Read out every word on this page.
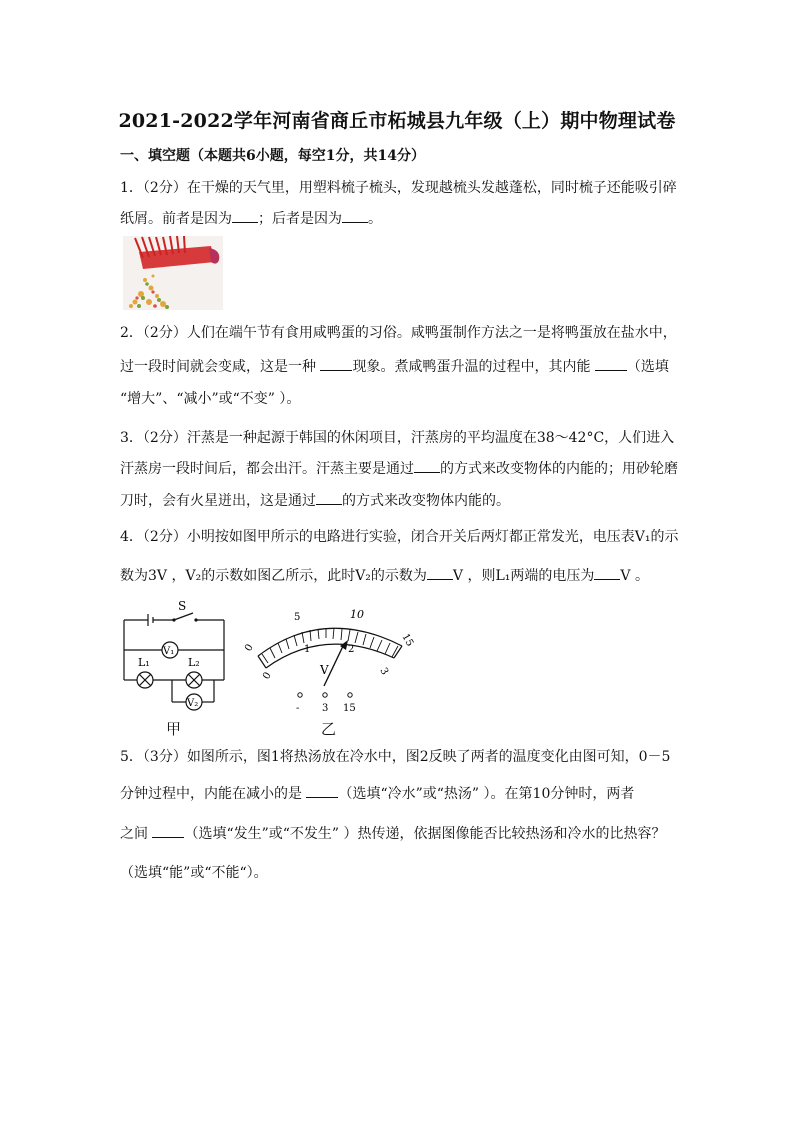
2021-2022学年河南省商丘市柘城县九年级（上）期中物理试卷
一、填空题（本题共6小题，每空1分，共14分）
1．（2分）在干燥的天气里，用塑料梳子梳头，发现越梳头发越蓬松，同时梳子还能吸引碎
纸屑。前者是因为 ；后者是因为 。
2．（2分）人们在端午节有食用咸鸭蛋的习俗。咸鸭蛋制作方法之一是将鸭蛋放在盐水中，
过一段时间就会变咸，这是一种 现象。煮咸鸭蛋升温的过程中，其内能 （选填
“增大”、“减小”或“不变” ）。
3．（2分）汗蒸是一种起源于韩国的休闲项目，汗蒸房的平均温度在38～42°C，人们进入
汗蒸房一段时间后，都会出汗。汗蒸主要是通过 的方式来改变物体的内能的；用砂轮磨
刀时，会有火星迸出，这是通过 的方式来改变物体内能的。
4．（2分）小明按如图甲所示的电路进行实验，闭合开关后两灯都正常发光，电压表V₁的示
数为3V ，V₂的示数如图乙所示，此时V₂的示数为 V ，则L₁两端的电压为 V 。
S
V₁
L₁	L₂
V₂
0
5	10
15
0
1	2
3
V
- 3 15
甲	乙
5．（3分）如图所示，图1将热汤放在冷水中，图2反映了两者的温度变化由图可知，0－5
分钟过程中，内能在减小的是 （选填“冷水”或“热汤” ）。在第10分钟时，两者
之间 （选填“发生”或“不发生” ）热传递，依据图像能否比较热汤和冷水的比热容？
（选填“能”或“不能“）。
